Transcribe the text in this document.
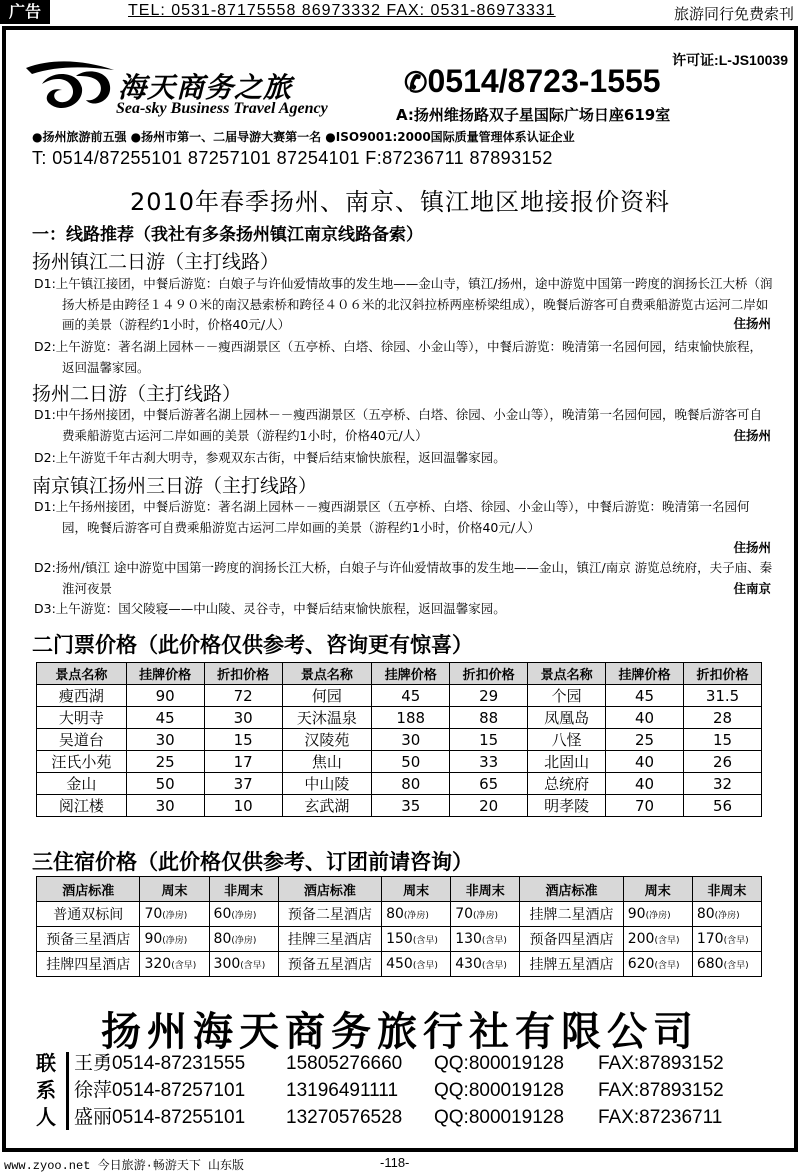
广告	TEL: 0531-87175558 86973332 FAX: 0531-86973331	旅游同行免费索刊
许可证:L-JS10039
海天商务之旅
Sea-sky Business Travel Agency
✆0514/8723-1555
A:扬州维扬路双子星国际广场日座619室
●扬州旅游前五强 ●扬州市第一、二届导游大赛第一名 ●ISO9001:2000国际质量管理体系认证企业
T: 0514/87255101 87257101 87254101 F:87236711 87893152
2010年春季扬州、南京、镇江地区地接报价资料
一：线路推荐（我社有多条扬州镇江南京线路备索）
扬州镇江二日游（主打线路）
D1:上午镇江接团，中餐后游览：白娘子与许仙爱情故事的发生地——金山寺，镇江/扬州，途中游览中国第一跨度的润扬长江大桥（润扬大桥是由跨径１４９０米的南汉悬索桥和跨径４０６米的北汉斜拉桥两座桥梁组成），晚餐后游客可自费乘船游览古运河二岸如画的美景（游程约1小时，价格40元/人）	住扬州
D2:上午游览：著名湖上园林－－瘦西湖景区（五亭桥、白塔、徐园、小金山等），中餐后游览：晚清第一名园何园，结束愉快旅程，返回温馨家园。
扬州二日游（主打线路）
D1:中午扬州接团，中餐后游著名湖上园林－－瘦西湖景区（五亭桥、白塔、徐园、小金山等），晚清第一名园何园，晚餐后游客可自费乘船游览古运河二岸如画的美景（游程约1小时，价格40元/人）	住扬州
D2:上午游览千年古刹大明寺，参观双东古街，中餐后结束愉快旅程，返回温馨家园。
南京镇江扬州三日游（主打线路）
D1:上午扬州接团，中餐后游览：著名湖上园林－－瘦西湖景区（五亭桥、白塔、徐园、小金山等），中餐后游览：晚清第一名园何园，晚餐后游客可自费乘船游览古运河二岸如画的美景（游程约1小时，价格40元/人）
住扬州
D2:扬州/镇江 途中游览中国第一跨度的润扬长江大桥，白娘子与许仙爱情故事的发生地——金山，镇江/南京 游览总统府，夫子庙、秦淮河夜景	住南京
D3:上午游览：国父陵寝——中山陵、灵谷寺，中餐后结束愉快旅程，返回温馨家园。
二门票价格（此价格仅供参考、咨询更有惊喜）
景点名称	挂牌价格	折扣价格	景点名称	挂牌价格	折扣价格	景点名称	挂牌价格	折扣价格
瘦西湖	90	72	何园	45	29	个园	45	31.5
大明寺	45	30	天沐温泉	188	88	凤凰岛	40	28
吴道台	30	15	汉陵苑	30	15	八怪	25	15
汪氏小苑	25	17	焦山	50	33	北固山	40	26
金山	50	37	中山陵	80	65	总统府	40	32
阅江楼	30	10	玄武湖	35	20	明孝陵	70	56
三住宿价格（此价格仅供参考、订团前请咨询）
酒店标准	周末	非周末	酒店标准	周末	非周末	酒店标准	周末	非周末
普通双标间	70(净房)	60(净房)	预备二星酒店	80(净房)	70(净房)	挂牌二星酒店	90(净房)	80(净房)
预备三星酒店	90(净房)	80(净房)	挂牌三星酒店	150(含早)	130(含早)	预备四星酒店	200(含早)	170(含早)
挂牌四星酒店	320(含早)	300(含早)	预备五星酒店	450(含早)	430(含早)	挂牌五星酒店	620(含早)	680(含早)
扬州海天商务旅行社有限公司
联
系
人
王勇0514-87231555 15805276660 QQ:800019128 FAX:87893152
徐萍0514-87257101 13196491111 QQ:800019128 FAX:87893152
盛丽0514-87255101 13270576528 QQ:800019128 FAX:87236711
www.zyoo.net 今日旅游·畅游天下 山东版	-118-
